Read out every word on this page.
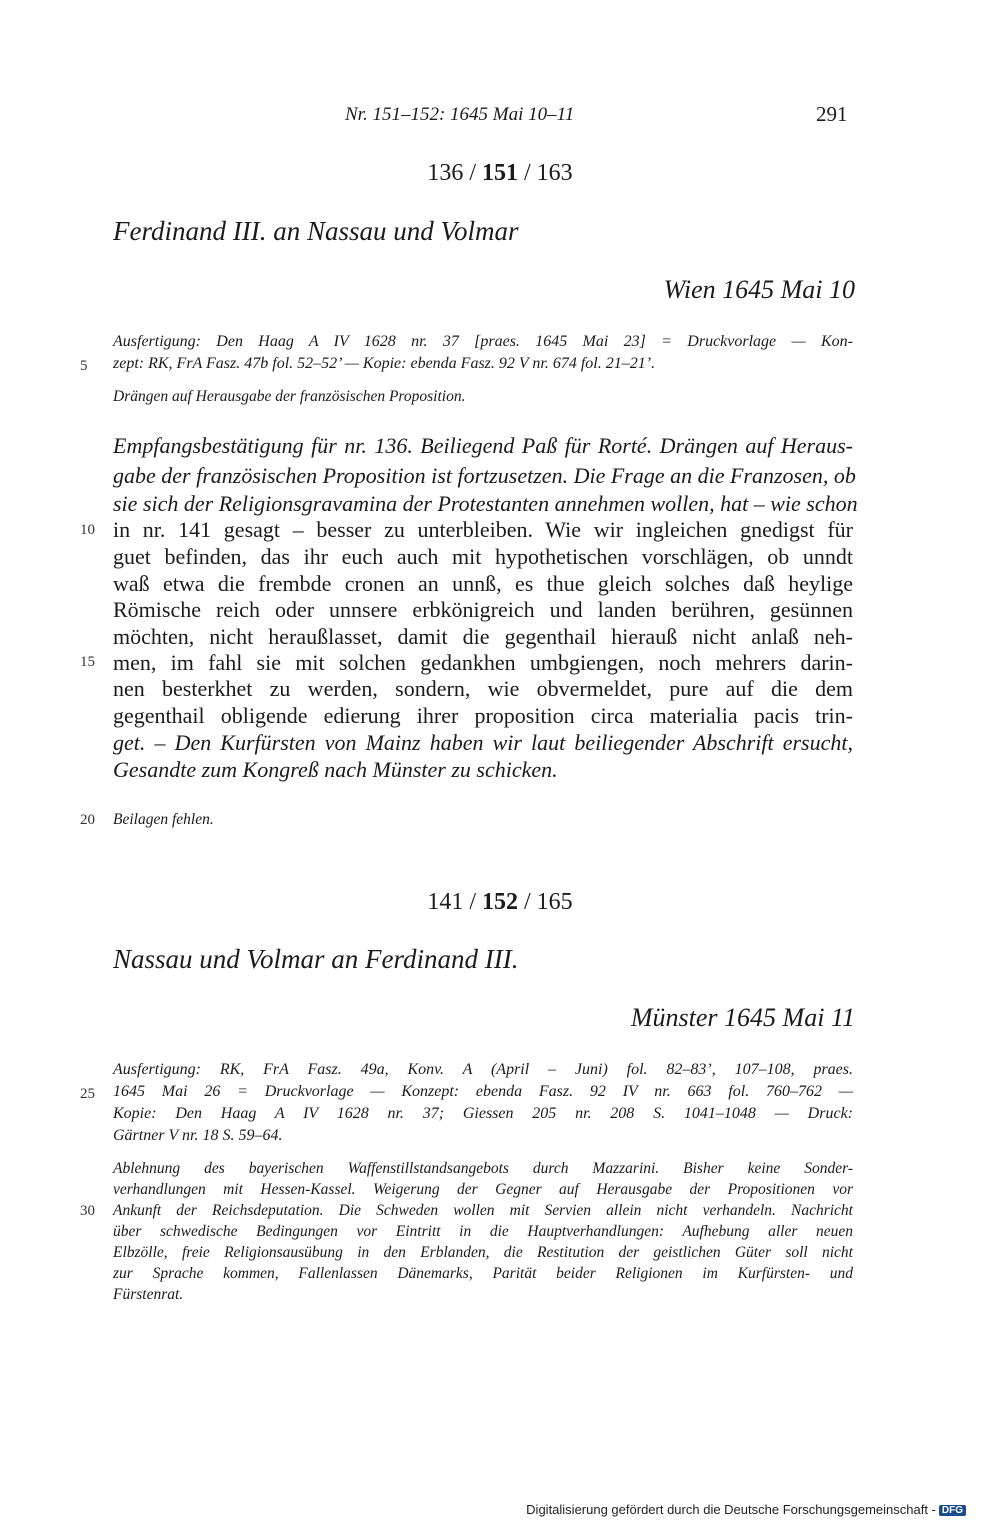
Nr. 151–152: 1645 Mai 10–11	291
136 / 151 / 163
Ferdinand III. an Nassau und Volmar
Wien 1645 Mai 10
Ausfertigung: Den Haag A IV 1628 nr. 37 [praes. 1645 Mai 23] = Druckvorlage — Kon-
zept: RK, FrA Fasz. 47b fol. 52–52’ — Kopie: ebenda Fasz. 92 V nr. 674 fol. 21–21’.
Drängen auf Herausgabe der französischen Proposition.
Empfangsbestätigung für nr. 136. Beiliegend Paß für Rorté. Drängen auf Heraus-
gabe der französischen Proposition ist fortzusetzen. Die Frage an die Franzosen, ob
sie sich der Religionsgravamina der Protestanten annehmen wollen, hat – wie schon
in nr. 141 gesagt – besser zu unterbleiben. Wie wir ingleichen gnedigst für
guet befinden, das ihr euch auch mit hypothetischen vorschlägen, ob unndt
waß etwa die frembde cronen an unnß, es thue gleich solches daß heylige
Römische reich oder unnsere erbkönigreich und landen berühren, gesünnen
möchten, nicht heraußlasset, damit die gegenthail hierauß nicht anlaß neh-
men, im fahl sie mit solchen gedankhen umbgiengen, noch mehrers darin-
nen besterkhet zu werden, sondern, wie obvermeldet, pure auf die dem
gegenthail obligende edierung ihrer proposition circa materialia pacis trin-
get. – Den Kurfürsten von Mainz haben wir laut beiliegender Abschrift ersucht,
Gesandte zum Kongreß nach Münster zu schicken.
Beilagen fehlen.
141 / 152 / 165
Nassau und Volmar an Ferdinand III.
Münster 1645 Mai 11
Ausfertigung: RK, FrA Fasz. 49a, Konv. A (April – Juni) fol. 82–83’, 107–108, praes.
1645 Mai 26 = Druckvorlage — Konzept: ebenda Fasz. 92 IV nr. 663 fol. 760–762 —
Kopie: Den Haag A IV 1628 nr. 37; Giessen 205 nr. 208 S. 1041–1048 — Druck:
Gärtner V nr. 18 S. 59–64.
Ablehnung des bayerischen Waffenstillstandsangebots durch Mazzarini. Bisher keine Sonder-
verhandlungen mit Hessen-Kassel. Weigerung der Gegner auf Herausgabe der Propositionen vor
Ankunft der Reichsdeputation. Die Schweden wollen mit Servien allein nicht verhandeln. Nachricht
über schwedische Bedingungen vor Eintritt in die Hauptverhandlungen: Aufhebung aller neuen
Elbzölle, freie Religionsausübung in den Erblanden, die Restitution der geistlichen Güter soll nicht
zur Sprache kommen, Fallenlassen Dänemarks, Parität beider Religionen im Kurfürsten- und
Fürstenrat.
5
10
15
20
25
30
Digitalisierung gefördert durch die Deutsche Forschungsgemeinschaft - DFG
